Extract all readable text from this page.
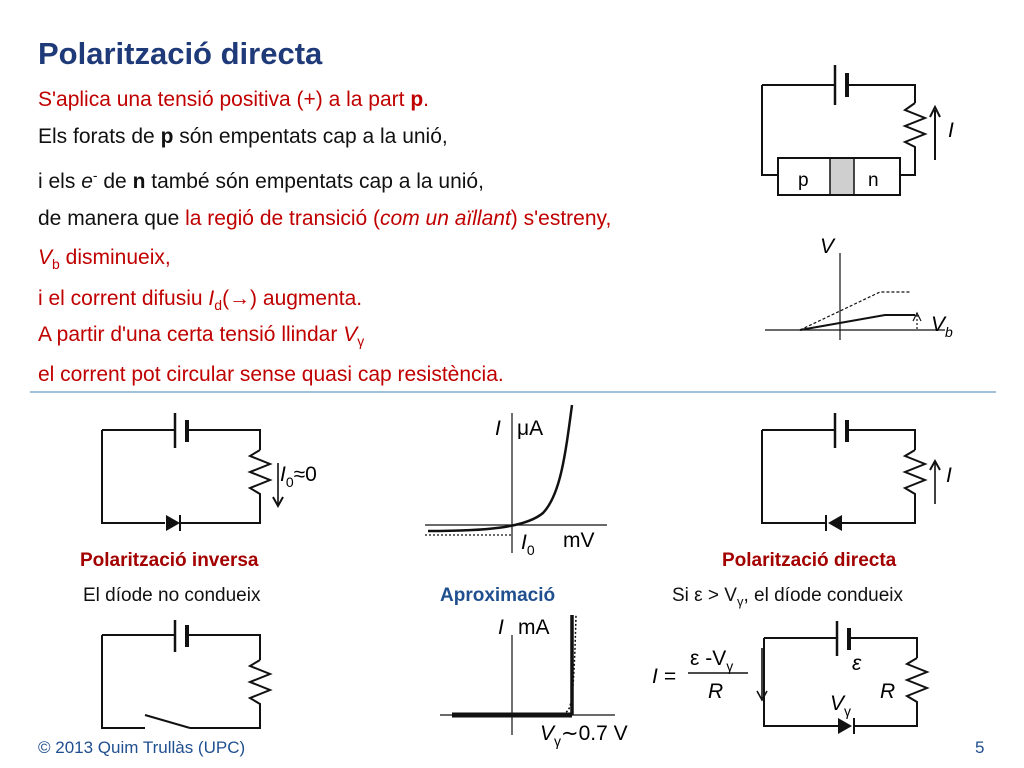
Polarització directa
S'aplica una tensió positiva (+) a la part p.
Els forats de p són empentats cap a la unió,
i els e- de n també són empentats cap a la unió,
de manera que la regió de transició (com un aïllant) s'estreny,
$V_b$ disminueix,
i el corrent difusiu $I_d(\to)$ augmenta.
A partir d'una certa tensió llindar $V_\gamma$
el corrent pot circular sense quasi cap resistència.
I
p	n
V
$V_b$
$I_0\approx 0$
Polarització inversa
El díode no condueix
I μA
$I_0$ mV
Aproximació
I mA
$V_\gamma\sim 0.7$ V
I
Polarització directa
Si $\varepsilon > V_\gamma$, el díode condueix
I =
ε $-V_\gamma$
R
ε
R
$V_\gamma$
© 2013 Quim Trullàs (UPC)	5
